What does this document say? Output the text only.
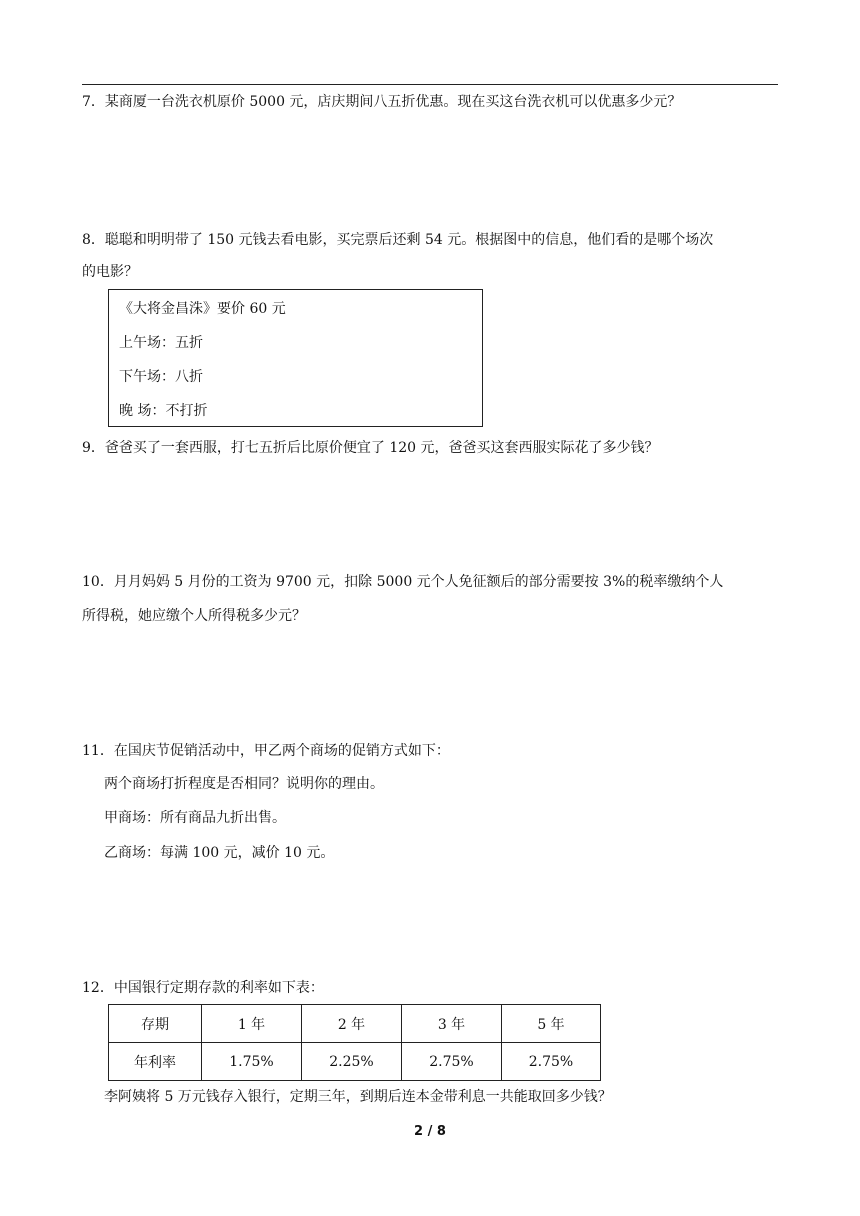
7．某商厦一台洗衣机原价 5000 元，店庆期间八五折优惠。现在买这台洗衣机可以优惠多少元？
8．聪聪和明明带了 150 元钱去看电影，买完票后还剩 54 元。根据图中的信息，他们看的是哪个场次
的电影？
《大将金昌洙》要价 60 元
上午场：五折
下午场：八折
晚 场：不打折
9．爸爸买了一套西服，打七五折后比原价便宜了 120 元，爸爸买这套西服实际花了多少钱？
10．月月妈妈 5 月份的工资为 9700 元，扣除 5000 元个人免征额后的部分需要按 3%的税率缴纳个人
所得税，她应缴个人所得税多少元？
11．在国庆节促销活动中，甲乙两个商场的促销方式如下：
两个商场打折程度是否相同？说明你的理由。
甲商场：所有商品九折出售。
乙商场：每满 100 元，减价 10 元。
12．中国银行定期存款的利率如下表：
存期	1 年	2 年	3 年	5 年
年利率	1.75%	2.25%	2.75%	2.75%
李阿姨将 5 万元钱存入银行，定期三年，到期后连本金带利息一共能取回多少钱？
2 / 8
